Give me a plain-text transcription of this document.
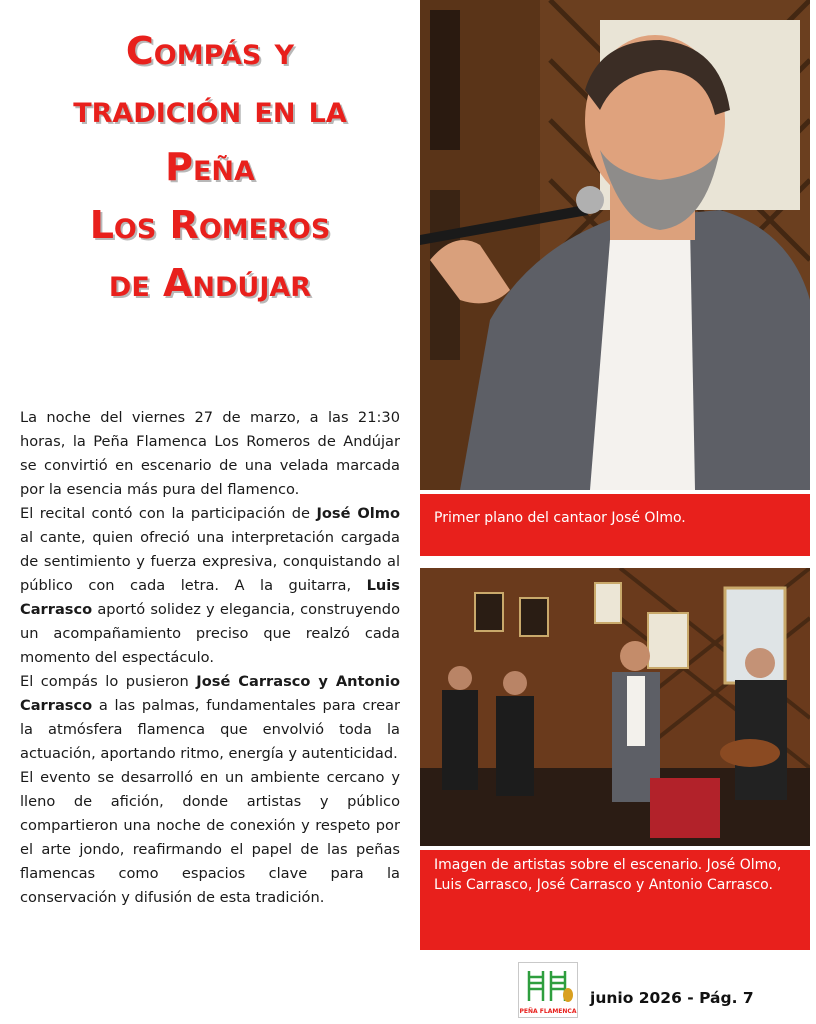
Compás y
tradición en la
Peña
Los Romeros
de Andújar

La noche del viernes 27 de marzo, a las 21:30 horas, la Peña Flamenca Los Romeros de Andújar se convirtió en escenario de una velada marcada por la esencia más pura del flamenco.

El recital contó con la participación de José Olmo al cante, quien ofreció una interpretación cargada de sentimiento y fuerza expresiva, conquistando al público con cada letra. A la guitarra, Luis Carrasco aportó solidez y elegancia, construyendo un acompañamiento preciso que realzó cada momento del espectáculo.

El compás lo pusieron José Carrasco y Antonio Carrasco a las palmas, fundamentales para crear la atmósfera flamenca que envolvió toda la actuación, aportando ritmo, energía y autenticidad.

El evento se desarrolló en un ambiente cercano y lleno de afición, donde artistas y público compartieron una noche de conexión y respeto por el arte jondo, reafirmando el papel de las peñas flamencas como espacios clave para la conservación y difusión de esta tradición.

Primer plano del cantaor José Olmo.
Imagen de artistas sobre el escenario. José Olmo, Luis Carrasco, José Carrasco y Antonio Carrasco.
PEÑA FLAMENCA
junio 2026 - Pág. 7
